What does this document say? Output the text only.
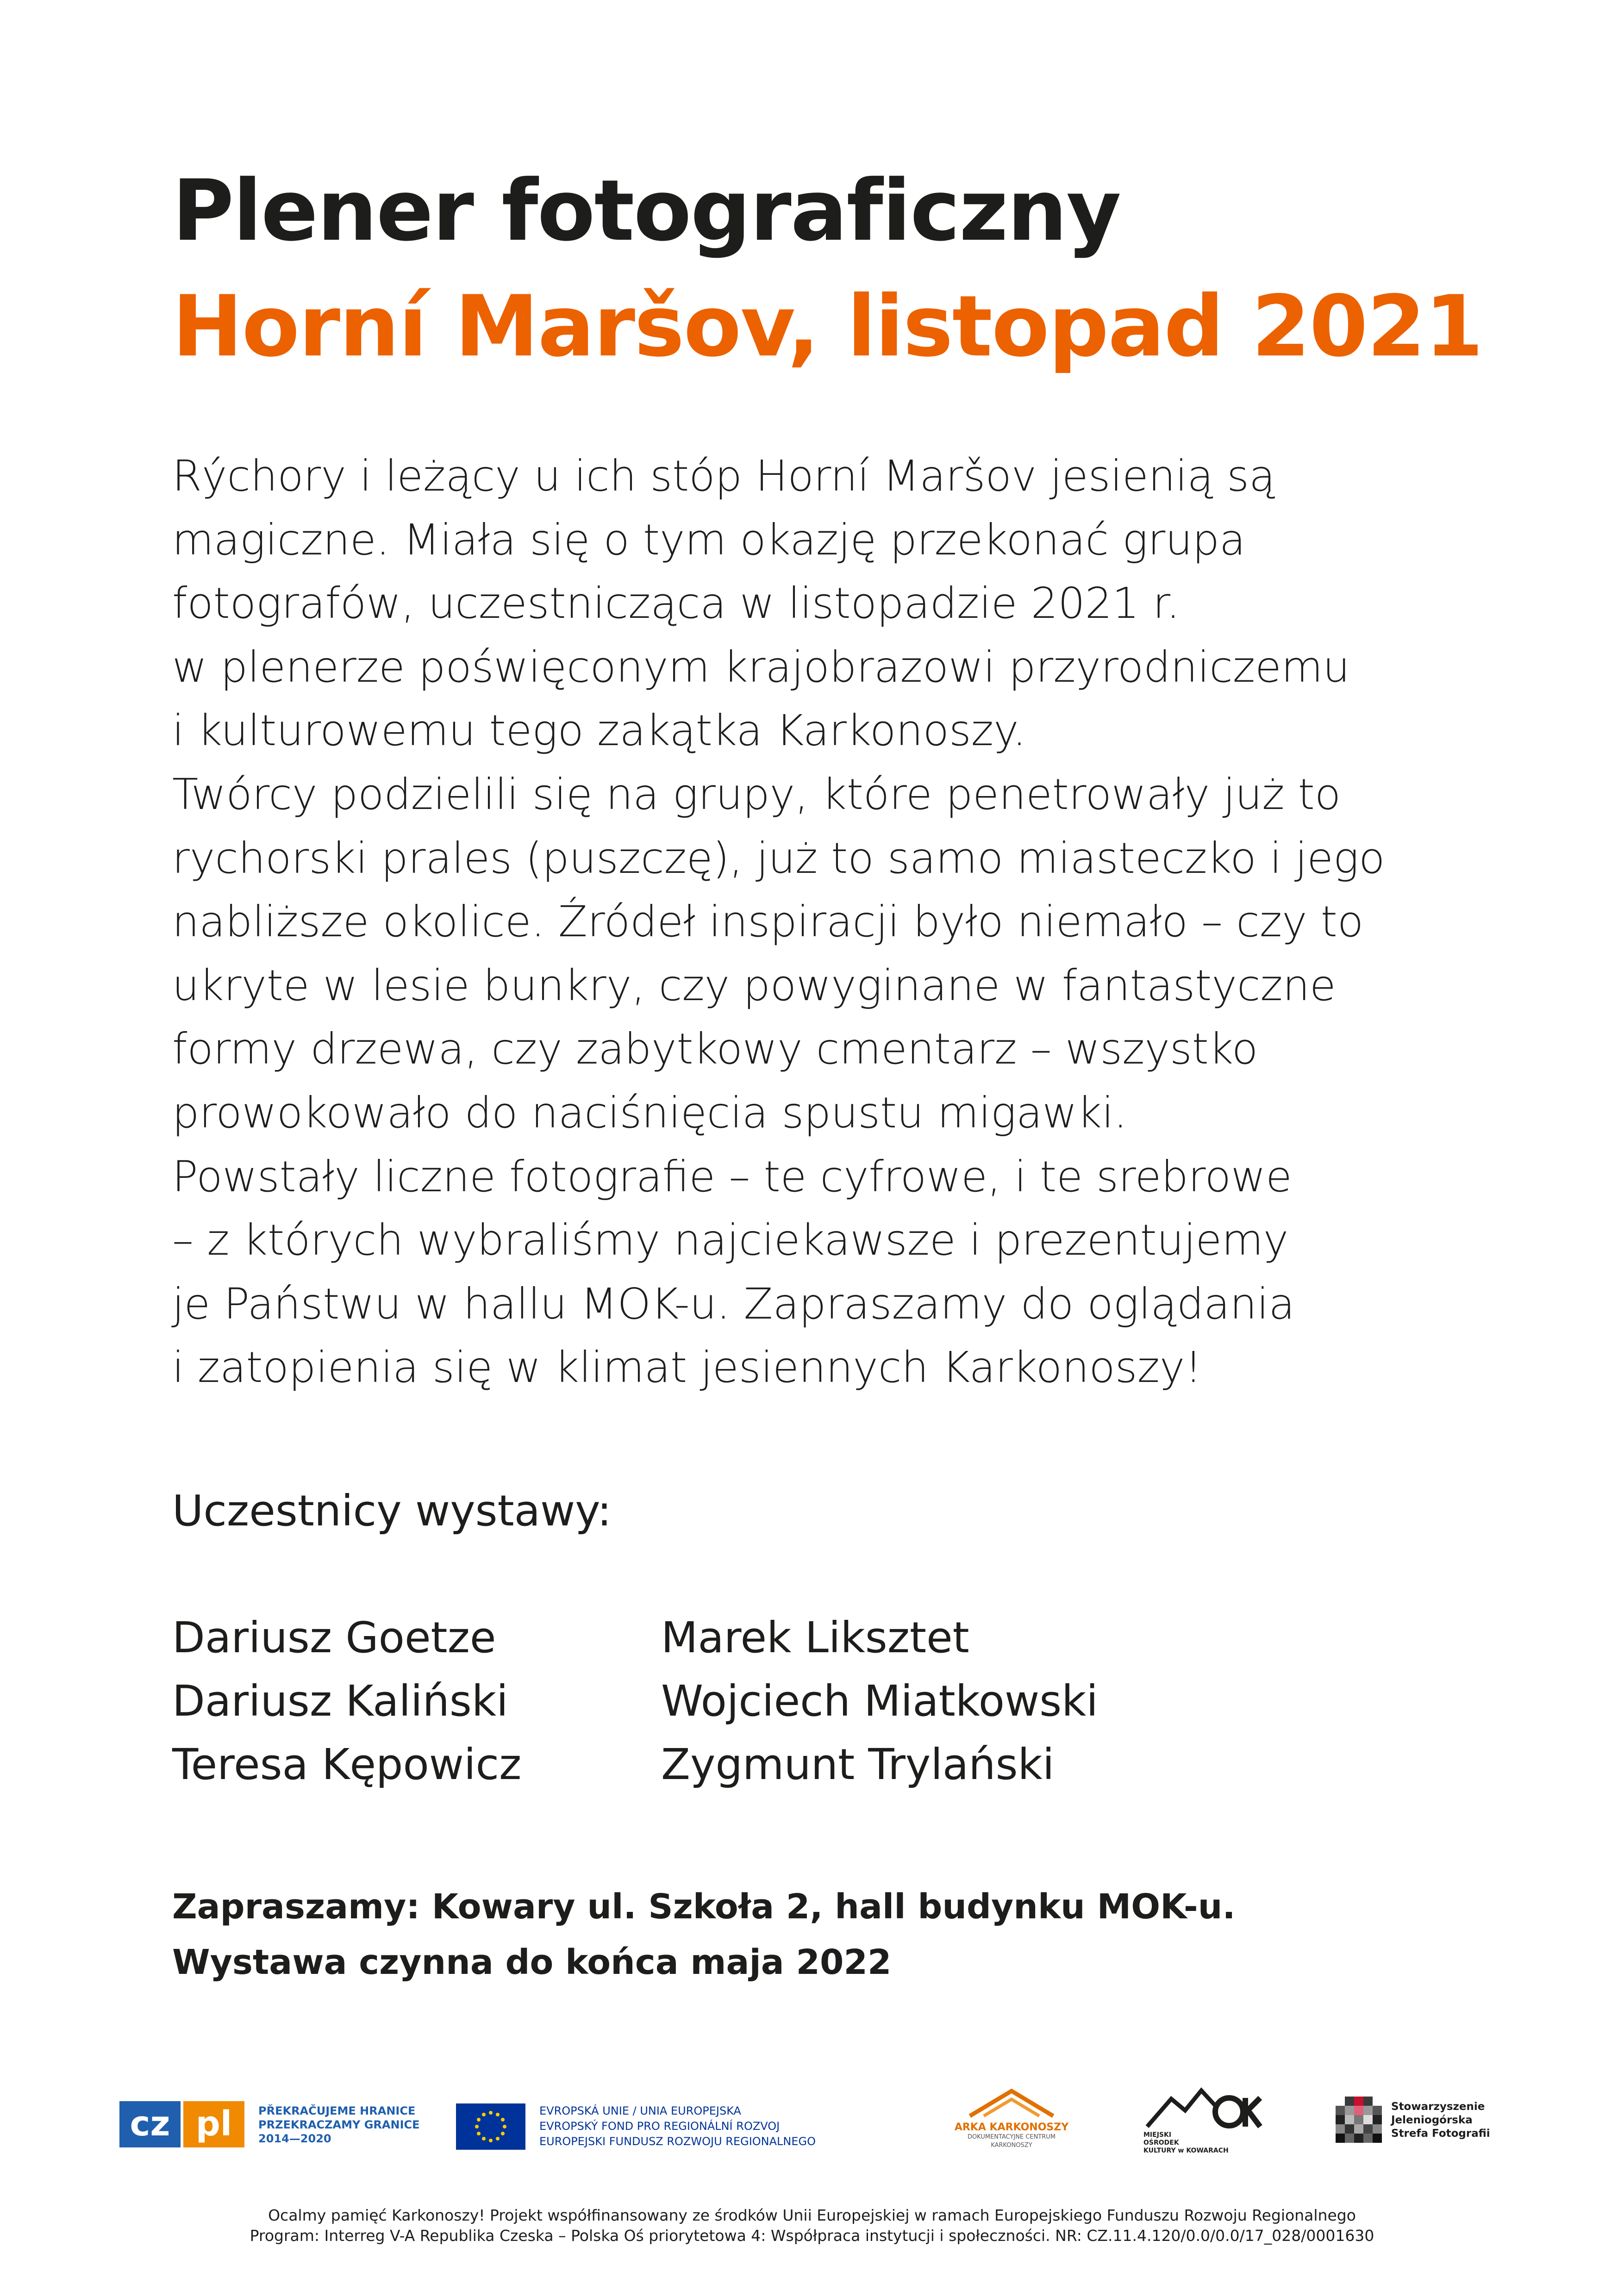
Plener fotograficzny
Horní Maršov, listopad 2021

Rýchory i leżący u ich stóp Horní Maršov jesienią są
magiczne. Miała się o tym okazję przekonać grupa
fotografów, uczestnicząca w listopadzie 2021 r.
w plenerze poświęconym krajobrazowi przyrodniczemu
i kulturowemu tego zakątka Karkonoszy.
Twórcy podzielili się na grupy, które penetrowały już to
rychorski prales (puszczę), już to samo miasteczko i jego
nabliższe okolice. Źródeł inspiracji było niemało – czy to
ukryte w lesie bunkry, czy powyginane w fantastyczne
formy drzewa, czy zabytkowy cmentarz – wszystko
prowokowało do naciśnięcia spustu migawki.
Powstały liczne fotografie – te cyfrowe, i te srebrowe
– z których wybraliśmy najciekawsze i prezentujemy
je Państwu w hallu MOK-u. Zapraszamy do oglądania
i zatopienia się w klimat jesiennych Karkonoszy!

Uczestnicy wystawy:

Dariusz Goetze
Dariusz Kaliński
Teresa Kępowicz
Marek Liksztet
Wojciech Miatkowski
Zygmunt Trylański

Zapraszamy: Kowary ul. Szkoła 2, hall budynku MOK-u.
Wystawa czynna do końca maja 2022

cz pl	PŘEKRAČUJEME HRANICE
PRZEKRACZAMY GRANICE
2014—2020
EVROPSKÁ UNIE / UNIA EUROPEJSKA
EVROPSKÝ FOND PRO REGIONÁLNÍ ROZVOJ
EUROPEJSKI FUNDUSZ ROZWOJU REGIONALNEGO
ARKA KARKONOSZY
DOKUMENTACYJNE CENTRUM
KARKONOSZY
MIEJSKI
OŚRODEK
KULTURY w KOWARACH
Stowarzyszenie
Jeleniogórska
Strefa Fotografii

Ocalmy pamięć Karkonoszy! Projekt współfinansowany ze środków Unii Europejskiej w ramach Europejskiego Funduszu Rozwoju Regionalnego
Program: Interreg V-A Republika Czeska – Polska Oś priorytetowa 4: Współpraca instytucji i społeczności. NR: CZ.11.4.120/0.0/0.0/17_028/0001630
